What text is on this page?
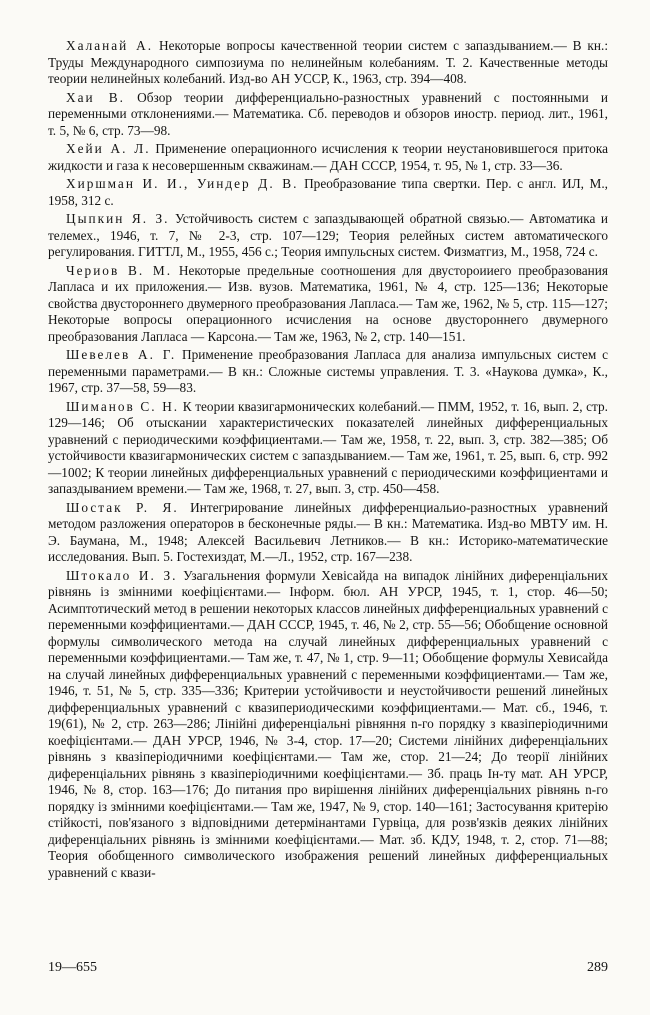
Халанай А. Некоторые вопросы качественной теории систем с запаздыванием.— В кн.: Труды Международного симпозиума по нелинейным колебаниям. Т. 2. Качественные методы теории нелинейных колебаний. Изд-во АН УССР, К., 1963, стр. 394—408.

Хаи В. Обзор теории дифференциально-разностных уравнений с постоянными и переменными отклонениями.— Математика. Сб. переводов и обзоров иностр. период. лит., 1961, т. 5, № 6, стр. 73—98.

Хейи А. Л. Применение операционного исчисления к теории неустановившегося притока жидкости и газа к несовершенным скважинам.— ДАН СССР, 1954, т. 95, № 1, стр. 33—36.

Хиршман И. И., Уиндер Д. В. Преобразование типа свертки. Пер. с англ. ИЛ, М., 1958, 312 с.

Цыпкин Я. З. Устойчивость систем с запаздывающей обратной связью.— Автоматика и телемех., 1946, т. 7, № 2-3, стр. 107—129; Теория релейных систем автоматического регулирования. ГИТТЛ, М., 1955, 456 с.; Теория импульсных систем. Физматгиз, М., 1958, 724 с.

Чериов В. М. Некоторые предельные соотношения для двустороииего преобразования Лапласа и их приложения.— Изв. вузов. Математика, 1961, № 4, стр. 125—136; Некоторые свойства двустороннего двумерного преобразования Лапласа.— Там же, 1962, № 5, стр. 115—127; Некоторые вопросы операционного исчисления на основе двустороннего двумерного преобразования Лапласа — Карсона.— Там же, 1963, № 2, стр. 140—151.

Шевелев А. Г. Применение преобразования Лапласа для анализа импульсных систем с переменными параметрами.— В кн.: Сложные системы управления. Т. 3. «Наукова думка», К., 1967, стр. 37—58, 59—83.

Шиманов С. Н. К теории квазигармонических колебаний.— ПММ, 1952, т. 16, вып. 2, стр. 129—146; Об отыскании характеристических показателей линейных дифференциальных уравнений с периодическими коэффициентами.— Там же, 1958, т. 22, вып. 3, стр. 382—385; Об устойчивости квазигармонических систем с запаздыванием.— Там же, 1961, т. 25, вып. 6, стр. 992—1002; К теории линейных дифференциальных уравнений с периодическими коэффициентами и запаздыванием времени.— Там же, 1968, т. 27, вып. 3, стр. 450—458.

Шостак Р. Я. Интегрирование линейных дифференциальио-разностных уравнений методом разложения операторов в бесконечные ряды.— В кн.: Математика. Изд-во МВТУ им. Н. Э. Баумана, М., 1948; Алексей Васильевич Летников.— В кн.: Историко-математические исследования. Вып. 5. Гостехиздат, М.—Л., 1952, стр. 167—238.

Штокало И. З. Узагальнения формули Хевісайда на випадок лінійних диференціальних рівнянь із змінними коефіцієнтами.— Інформ. бюл. АН УРСР, 1945, т. 1, стор. 46—50; Асимптотический метод в решении некоторых классов линейных дифференциальных уравнений с переменными коэффициентами.— ДАН СССР, 1945, т. 46, № 2, стр. 55—56; Обобщение основной формулы символического метода на случай линейных дифференциальных уравнений с переменными коэффициентами.— Там же, т. 47, № 1, стр. 9—11; Обобщение формулы Хевисайда на случай линейных дифференциальных уравнений с переменными коэффициентами.— Там же, 1946, т. 51, № 5, стр. 335—336; Критерии устойчивости и неустойчивости решений линейных дифференциальных уравнений с квазипериодическими коэффициентами.— Мат. сб., 1946, т. 19(61), № 2, стр. 263—286; Лінійні диференціальні рівняння n-го порядку з квазіперіодичними коефіцієнтами.— ДАН УРСР, 1946, № 3-4, стор. 17—20; Системи лінійних диференціальних рівнянь з квазіперіодичними коефіцієнтами.— Там же, стор. 21—24; До теорії лінійних диференціальних рівнянь з квазіперіодичними коефіцієнтами.— Зб. праць Ін-ту мат. АН УРСР, 1946, № 8, стор. 163—176; До питания про вирішення лінійних диференціальних рівнянь n-го порядку із змінними коефіцієнтами.— Там же, 1947, № 9, стор. 140—161; Застосування критерію стійкості, пов'язаного з відповідними детермінантами Гурвіца, для розв'язків деяких лінійних диференціальних рівнянь із змінними коефіцієнтами.— Мат. зб. КДУ, 1948, т. 2, стор. 71—88; Теория обобщенного символического изображения решений линейных дифференциальных уравнений с квази-

19—655	289
